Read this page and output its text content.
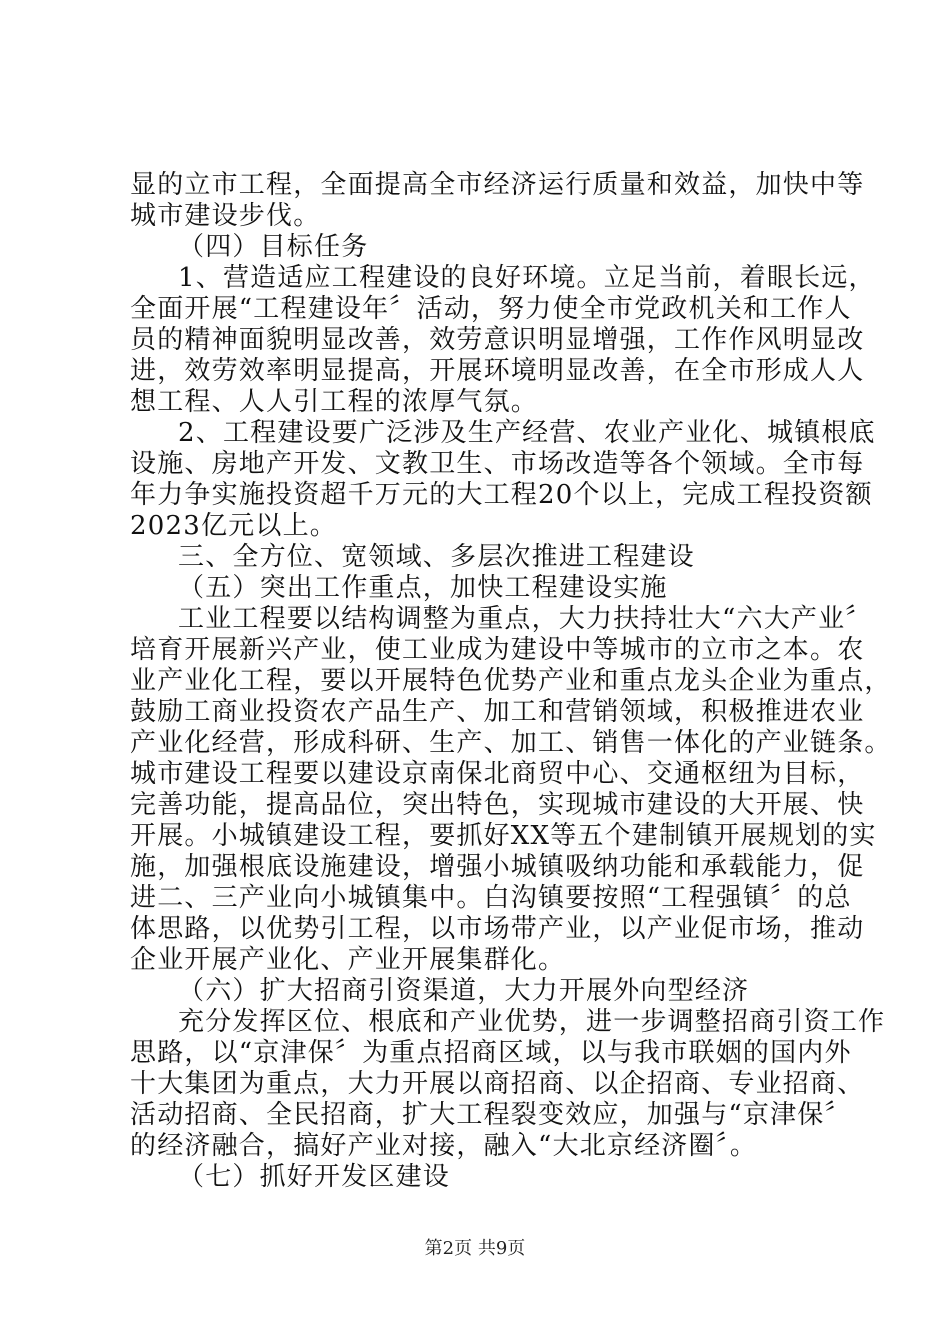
显的立市工程，全面提高全市经济运行质量和效益，加快中等
城市建设步伐。
（四）目标任务
1、营造适应工程建设的良好环境。立足当前，着眼长远，
全面开展“工程建设年〞活动，努力使全市党政机关和工作人
员的精神面貌明显改善，效劳意识明显增强，工作作风明显改
进，效劳效率明显提高，开展环境明显改善，在全市形成人人
想工程、人人引工程的浓厚气氛。
2、工程建设要广泛涉及生产经营、农业产业化、城镇根底
设施、房地产开发、文教卫生、市场改造等各个领域。全市每
年力争实施投资超千万元的大工程20个以上，完成工程投资额
2023亿元以上。
三、全方位、宽领域、多层次推进工程建设
（五）突出工作重点，加快工程建设实施
工业工程要以结构调整为重点，大力扶持壮大“六大产业〞
培育开展新兴产业，使工业成为建设中等城市的立市之本。农
业产业化工程，要以开展特色优势产业和重点龙头企业为重点，
鼓励工商业投资农产品生产、加工和营销领域，积极推进农业
产业化经营，形成科研、生产、加工、销售一体化的产业链条。
城市建设工程要以建设京南保北商贸中心、交通枢纽为目标，
完善功能，提高品位，突出特色，实现城市建设的大开展、快
开展。小城镇建设工程，要抓好XX等五个建制镇开展规划的实
施，加强根底设施建设，增强小城镇吸纳功能和承载能力，促
进二、三产业向小城镇集中。白沟镇要按照“工程强镇〞的总
体思路，以优势引工程，以市场带产业，以产业促市场，推动
企业开展产业化、产业开展集群化。
（六）扩大招商引资渠道，大力开展外向型经济
充分发挥区位、根底和产业优势，进一步调整招商引资工作
思路，以“京津保〞为重点招商区域，以与我市联姻的国内外
十大集团为重点，大力开展以商招商、以企招商、专业招商、
活动招商、全民招商，扩大工程裂变效应，加强与“京津保〞
的经济融合，搞好产业对接，融入“大北京经济圈〞。
（七）抓好开发区建设
第2页 共9页
